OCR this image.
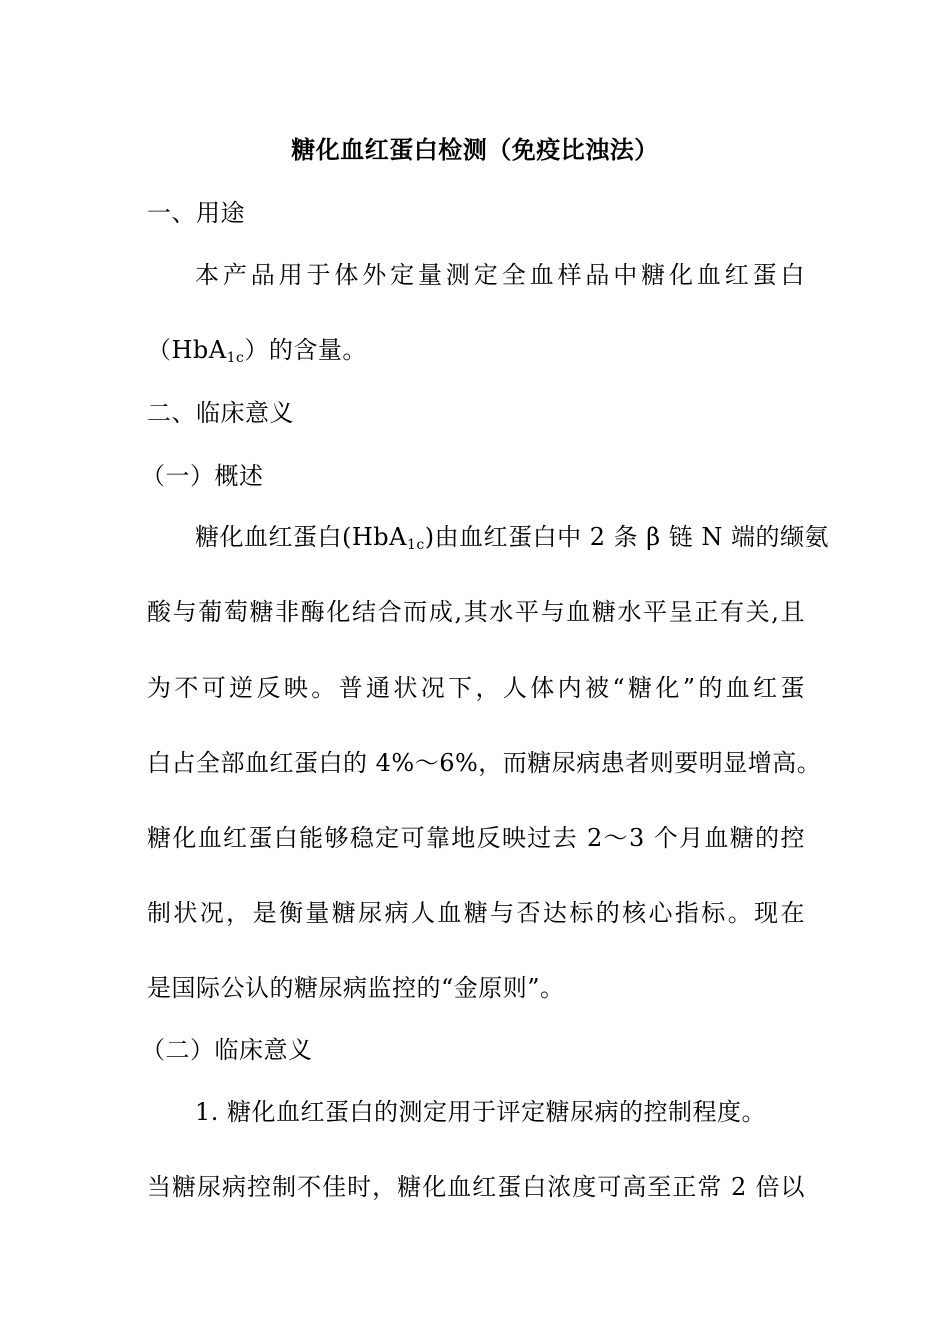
糖化血红蛋白检测（免疫比浊法）
一、用途
本产品用于体外定量测定全血样品中糖化血红蛋白
（HbA$_{1c}$）的含量。
二、临床意义
（一）概述
糖化血红蛋白(HbA$_{1c}$)由血红蛋白中 2 条 β 链 N 端的缬氨
酸与葡萄糖非酶化结合而成,其水平与血糖水平呈正有关,且
为不可逆反映。普通状况下，人体内被“糖化”的血红蛋
白占全部血红蛋白的 4%～6%，而糖尿病患者则要明显增高。
糖化血红蛋白能够稳定可靠地反映过去 2～3 个月血糖的控
制状况，是衡量糖尿病人血糖与否达标的核心指标。现在
是国际公认的糖尿病监控的“金原则”。
（二）临床意义
1. 糖化血红蛋白的测定用于评定糖尿病的控制程度。
当糖尿病控制不佳时，糖化血红蛋白浓度可高至正常 2 倍以
